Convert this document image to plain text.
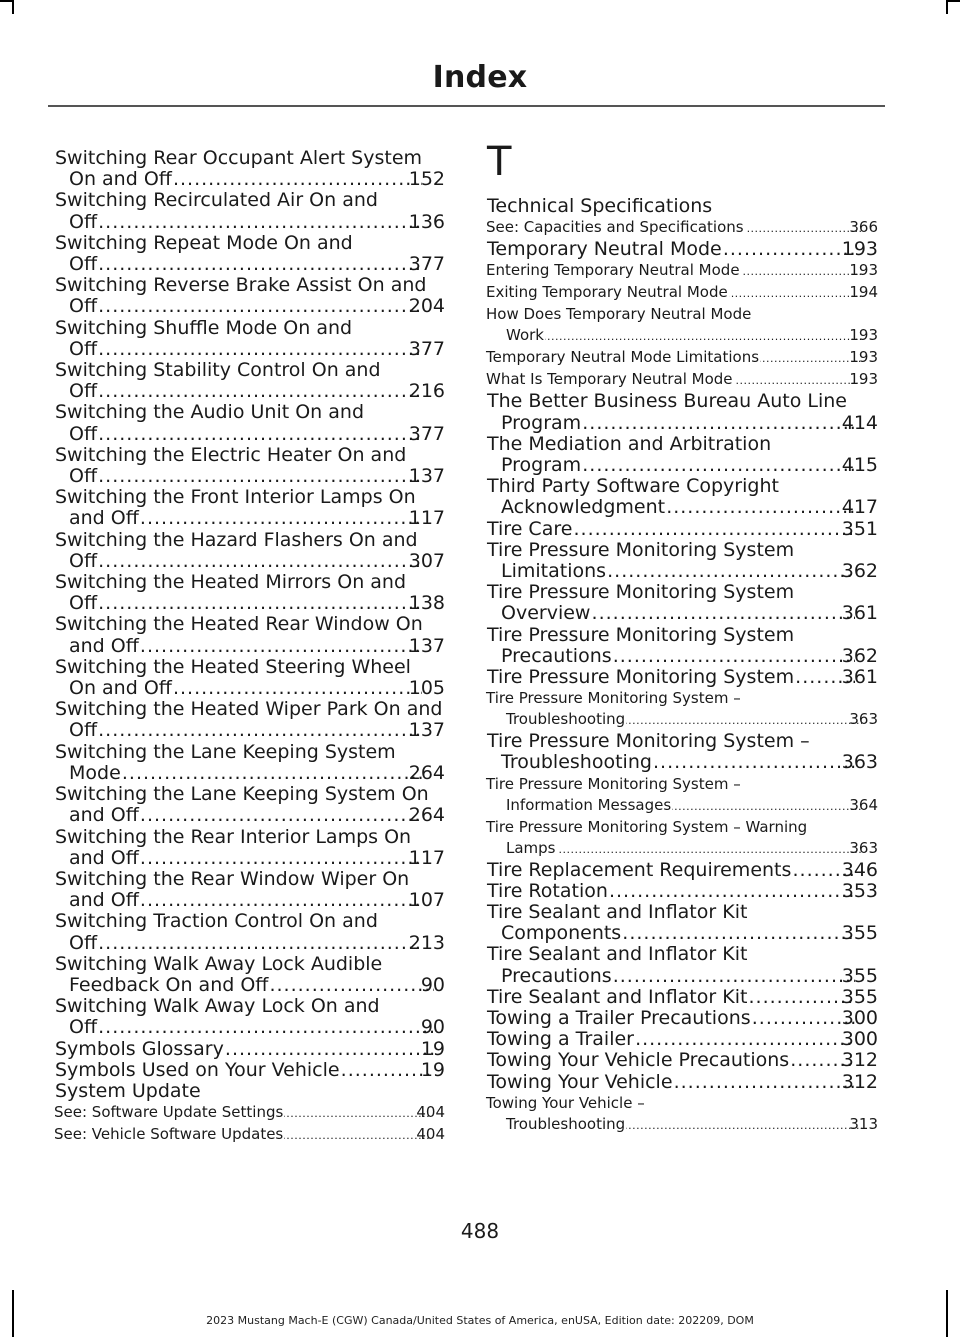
Index
Switching Rear Occupant Alert System
On and Off .....	152
Switching Recirculated Air On and
Off .....	136
Switching Repeat Mode On and
Off .....	377
Switching Reverse Brake Assist On and
Off .....	204
Switching Shuffle Mode On and
Off .....	377
Switching Stability Control On and
Off .....	216
Switching the Audio Unit On and
Off .....	377
Switching the Electric Heater On and
Off .....	137
Switching the Front Interior Lamps On
and Off .....	117
Switching the Hazard Flashers On and
Off .....	307
Switching the Heated Mirrors On and
Off .....	138
Switching the Heated Rear Window On
and Off .....	137
Switching the Heated Steering Wheel
On and Off .....	105
Switching the Heated Wiper Park On and
Off .....	137
Switching the Lane Keeping System
Mode .....	264
Switching the Lane Keeping System On
and Off .....	264
Switching the Rear Interior Lamps On
and Off .....	117
Switching the Rear Window Wiper On
and Off .....	107
Switching Traction Control On and
Off .....	213
Switching Walk Away Lock Audible
Feedback On and Off .....	90
Switching Walk Away Lock On and
Off .....	90
Symbols Glossary .....	19
Symbols Used on Your Vehicle .....	19
System Update
See: Software Update Settings .....	404
See: Vehicle Software Updates .....	404
T
Technical Specifications
See: Capacities and Specifications .....	366
Temporary Neutral Mode .....	193
Entering Temporary Neutral Mode .....	193
Exiting Temporary Neutral Mode .....	194
How Does Temporary Neutral Mode
Work .....	193
Temporary Neutral Mode Limitations .....	193
What Is Temporary Neutral Mode .....	193
The Better Business Bureau Auto Line
Program .....	414
The Mediation and Arbitration
Program .....	415
Third Party Software Copyright
Acknowledgment .....	417
Tire Care .....	351
Tire Pressure Monitoring System
Limitations .....	362
Tire Pressure Monitoring System
Overview .....	361
Tire Pressure Monitoring System
Precautions .....	362
Tire Pressure Monitoring System .....	361
Tire Pressure Monitoring System –
Troubleshooting .....	363
Tire Pressure Monitoring System –
Troubleshooting .....	363
Tire Pressure Monitoring System –
Information Messages .....	364
Tire Pressure Monitoring System – Warning
Lamps .....	363
Tire Replacement Requirements .....	346
Tire Rotation .....	353
Tire Sealant and Inflator Kit
Components .....	355
Tire Sealant and Inflator Kit
Precautions .....	355
Tire Sealant and Inflator Kit .....	355
Towing a Trailer Precautions .....	300
Towing a Trailer .....	300
Towing Your Vehicle Precautions .....	312
Towing Your Vehicle .....	312
Towing Your Vehicle –
Troubleshooting .....	313
488
2023 Mustang Mach-E (CGW) Canada/United States of America, enUSA, Edition date: 202209, DOM
